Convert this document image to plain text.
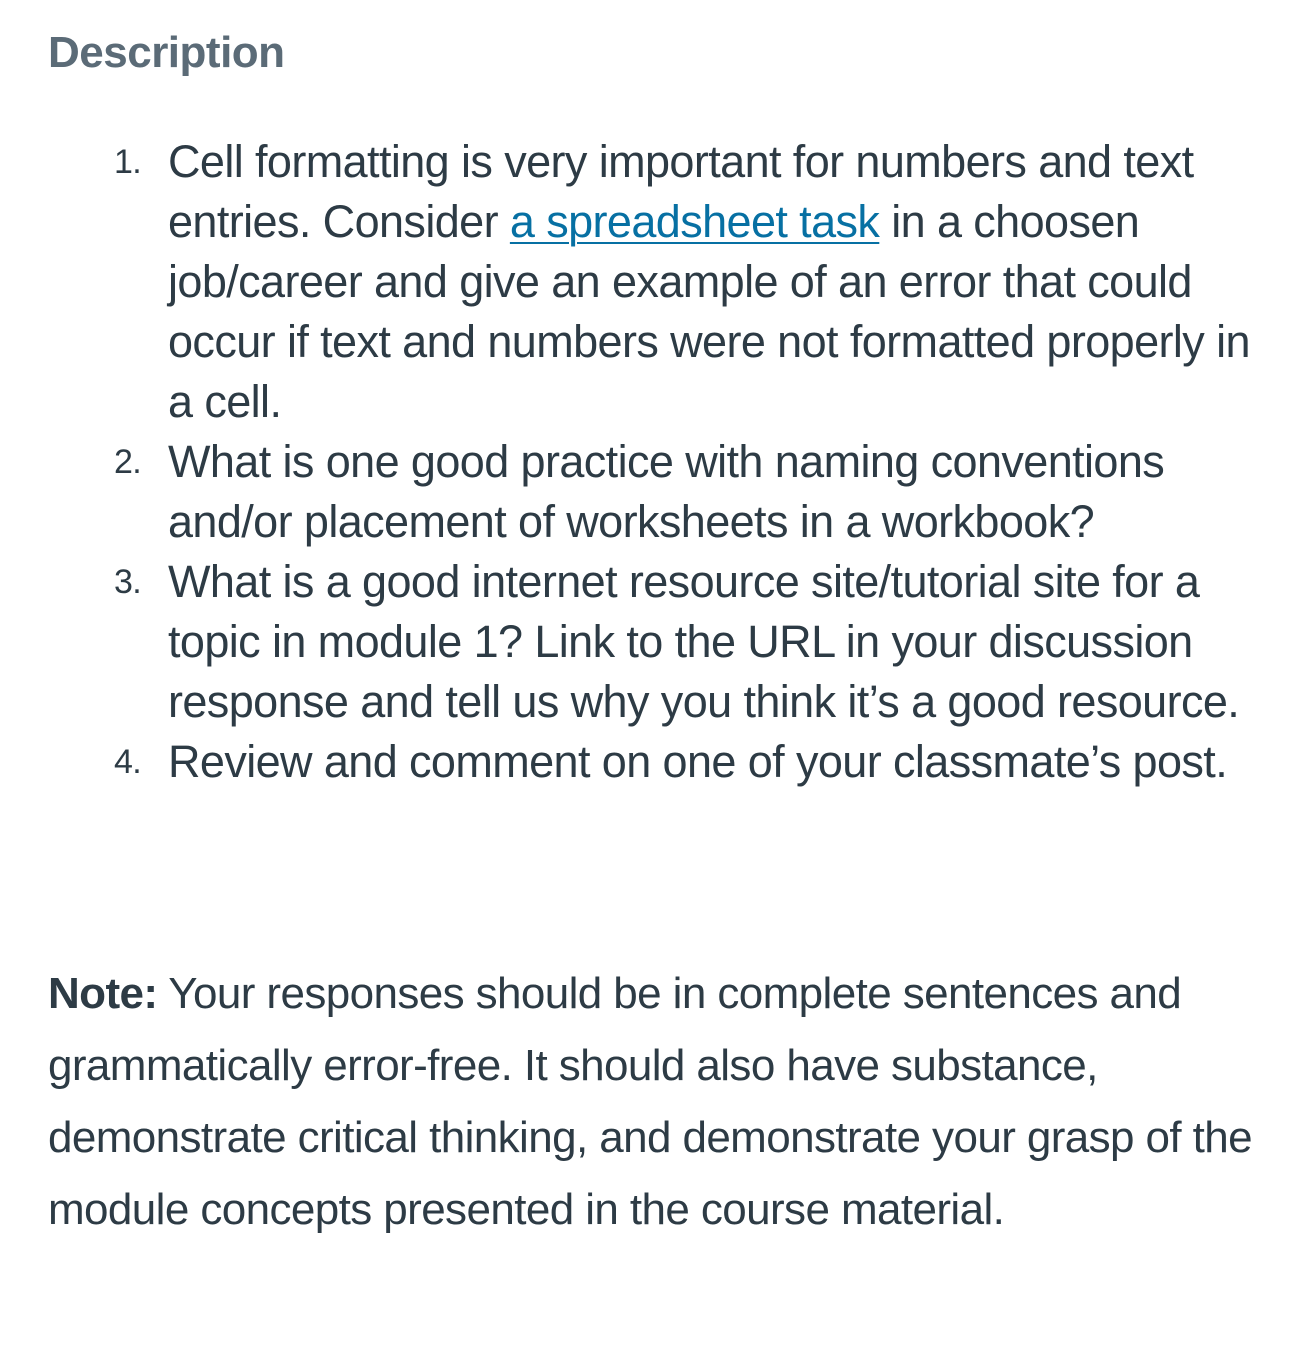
Description
1. Cell formatting is very important for numbers and text entries. Consider a spreadsheet task in a choosen job/career and give an example of an error that could occur if text and numbers were not formatted properly in a cell.
2. What is one good practice with naming conventions and/or placement of worksheets in a workbook?
3. What is a good internet resource site/tutorial site for a topic in module 1? Link to the URL in your discussion response and tell us why you think it’s a good resource.
4. Review and comment on one of your classmate’s post.

Note: Your responses should be in complete sentences and grammatically error-free. It should also have substance, demonstrate critical thinking, and demonstrate your grasp of the module concepts presented in the course material.
